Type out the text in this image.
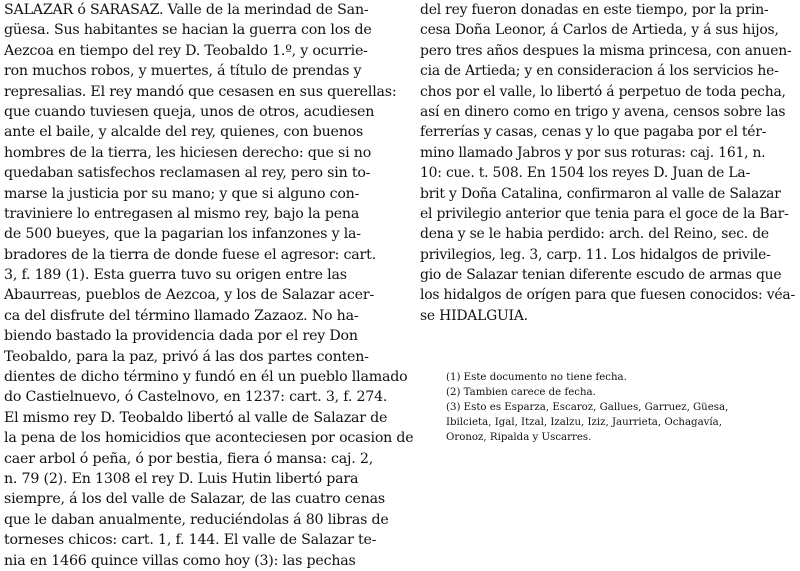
SALAZAR ó SARASAZ. Valle de la merindad de San-
güesa. Sus habitantes se hacian la guerra con los de
Aezcoa en tiempo del rey D. Teobaldo 1.º, y ocurrie-
ron muchos robos, y muertes, á título de prendas y
represalias. El rey mandó que cesasen en sus querellas:
que cuando tuviesen queja, unos de otros, acudiesen
ante el baile, y alcalde del rey, quienes, con buenos
hombres de la tierra, les hiciesen derecho: que si no
quedaban satisfechos reclamasen al rey, pero sin to-
marse la justicia por su mano; y que si alguno con-
traviniere lo entregasen al mismo rey, bajo la pena
de 500 bueyes, que la pagarian los infanzones y la-
bradores de la tierra de donde fuese el agresor: cart.
3, f. 189 (1). Esta guerra tuvo su origen entre las
Abaurreas, pueblos de Aezcoa, y los de Salazar acer-
ca del disfrute del término llamado Zazaoz. No ha-
biendo bastado la providencia dada por el rey Don
Teobaldo, para la paz, privó á las dos partes conten-
dientes de dicho término y fundó en él un pueblo llamado
do Castielnuevo, ó Castelnovo, en 1237: cart. 3, f. 274.
El mismo rey D. Teobaldo libertó al valle de Salazar de
la pena de los homicidios que aconteciesen por ocasion de
caer arbol ó peña, ó por bestia, fiera ó mansa: caj. 2,
n. 79 (2). En 1308 el rey D. Luis Hutin libertó para
siempre, á los del valle de Salazar, de las cuatro cenas
que le daban anualmente, reduciéndolas á 80 libras de
torneses chicos: cart. 1, f. 144. El valle de Salazar te-
nia en 1466 quince villas como hoy (3): las pechas
del rey fueron donadas en este tiempo, por la prin-
cesa Doña Leonor, á Carlos de Artieda, y á sus hijos,
pero tres años despues la misma princesa, con anuen-
cia de Artieda; y en consideracion á los servicios he-
chos por el valle, lo libertó á perpetuo de toda pecha,
así en dinero como en trigo y avena, censos sobre las
ferrerías y casas, cenas y lo que pagaba por el tér-
mino llamado Jabros y por sus roturas: caj. 161, n.
10: cue. t. 508. En 1504 los reyes D. Juan de La-
brit y Doña Catalina, confirmaron al valle de Salazar
el privilegio anterior que tenia para el goce de la Bar-
dena y se le habia perdido: arch. del Reino, sec. de
privilegios, leg. 3, carp. 11. Los hidalgos de privile-
gio de Salazar tenian diferente escudo de armas que
los hidalgos de orígen para que fuesen conocidos: véa-
se HIDALGUIA.
(1) Este documento no tiene fecha.
(2) Tambien carece de fecha.
(3) Esto es Esparza, Escaroz, Gallues, Garruez, Güesa,
Ibilcieta, Igal, Itzal, Izalzu, Iziz, Jaurrieta, Ochagavía,
Oronoz, Ripalda y Uscarres.
